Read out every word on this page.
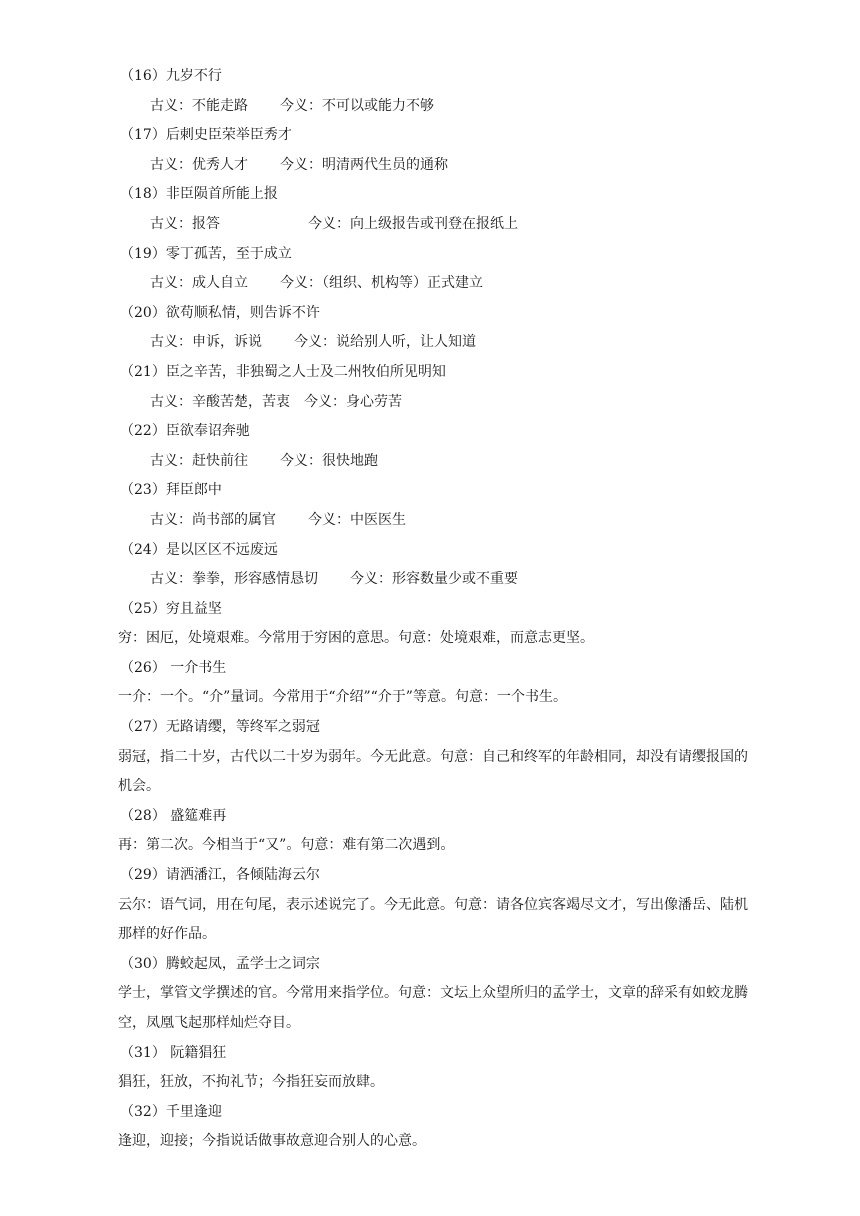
（16）九岁不行
古义：不能走路 今义：不可以或能力不够
（17）后刺史臣荣举臣秀才
古义：优秀人才 今义：明清两代生员的通称
（18）非臣陨首所能上报
古义：报答	今义：向上级报告或刊登在报纸上
（19）零丁孤苦，至于成立
古义：成人自立 今义：（组织、机构等）正式建立
（20）欲苟顺私情，则告诉不许
古义：申诉，诉说 今义：说给别人听，让人知道
（21）臣之辛苦，非独蜀之人士及二州牧伯所见明知
古义：辛酸苦楚，苦衷 今义：身心劳苦
（22）臣欲奉诏奔驰
古义：赶快前往 今义：很快地跑
（23）拜臣郎中
古义：尚书部的属官 今义：中医医生
（24）是以区区不远废远
古义：拳拳，形容感情恳切 今义：形容数量少或不重要
（25）穷且益坚
穷：困厄，处境艰难。今常用于穷困的意思。句意：处境艰难，而意志更坚。
（26） 一介书生
一介：一个。“介”量词。今常用于“介绍”“介于”等意。句意：一个书生。
（27）无路请缨，等终军之弱冠
弱冠，指二十岁，古代以二十岁为弱年。今无此意。句意：自己和终军的年龄相同，却没有请缨报国的机会。
（28） 盛筵难再
再：第二次。今相当于“又”。句意：难有第二次遇到。
（29）请洒潘江，各倾陆海云尔
云尔：语气词，用在句尾，表示述说完了。今无此意。句意：请各位宾客竭尽文才，写出像潘岳、陆机那样的好作品。
（30）腾蛟起凤，孟学士之词宗
学士，掌管文学撰述的官。今常用来指学位。句意：文坛上众望所归的孟学士，文章的辞采有如蛟龙腾空，凤凰飞起那样灿烂夺目。
（31） 阮籍猖狂
猖狂，狂放，不拘礼节；今指狂妄而放肆。
（32）千里逢迎
逢迎，迎接；今指说话做事故意迎合别人的心意。
